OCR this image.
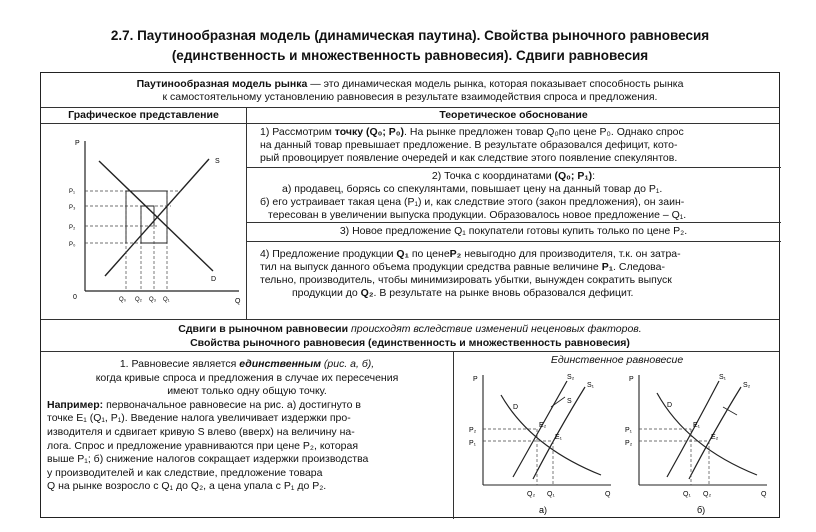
2.7. Паутинообразная модель (динамическая паутина). Свойства рыночного равновесия
(единственность и множественность равновесия). Сдвиги равновесия
Паутинообразная модель рынка — это динамическая модель рынка, которая показывает способность рынка
к самостоятельному установлению равновесия в результате взаимодействия спроса и предложения.
Графическое представление	Теоретическое обоснование
P
Q
0
S
D
P₁
P₃
P₂
P₀
Q₀ Q₂ Q₃ Q₁
1) Рассмотрим точку (Q₀; P₀). На рынке предложен товар Q₀по цене P₀. Однако спрос
на данный товар превышает предложение. В результате образовался дефицит, кото-
рый провоцирует появление очередей и как следствие этого появление спекулянтов.
2) Точка с координатами (Q₀; P₁):
а) продавец, борясь со спекулянтами, повышает цену на данный товар до P₁.
б) его устраивает такая цена (P₁) и, как следствие этого (закон предложения), он заин-
тересован в увеличении выпуска продукции. Образовалось новое предложение – Q₁.
3) Новое предложение Q₁ покупатели готовы купить только по цене P₂.
4) Предложение продукции Q₁ по ценеP₂ невыгодно для производителя, т.к. он затра-
тил на выпуск данного объема продукции средства равные величине P₁. Следова-
тельно, производитель, чтобы минимизировать убытки, вынужден сократить выпуск
продукции до Q₂. В результате на рынке вновь образовался дефицит.
Сдвиги в рыночном равновесии происходят вследствие изменений неценовых факторов.
Свойства рыночного равновесия (единственность и множественность равновесия)
1. Равновесие является единственным (рис. а, б),
когда кривые спроса и предложения в случае их пересечения
имеют только одну общую точку.
Например: первоначальное равновесие на рис. а) достигнуто в
точке E₁ (Q₁, P₁). Введение налога увеличивает издержки про-
изводителя и сдвигает кривую S влево (вверх) на величину на-
лога. Спрос и предложение уравниваются при цене P₂, которая
выше P₁; б) снижение налогов сокращает издержки производства
у производителей и как следствие, предложение товара
Q на рынке возросло с Q₁ до Q₂, а цена упала с P₁ до P₂.
Единственное равновесие
P
P₂
P₁
Q₂ Q₁	Q
D
S₂
S
S₁
E₂
E₁
а)
P
P₁
P₂
Q₁ Q₂	Q
D
S₁
S₂
E₁
E₂
б)
